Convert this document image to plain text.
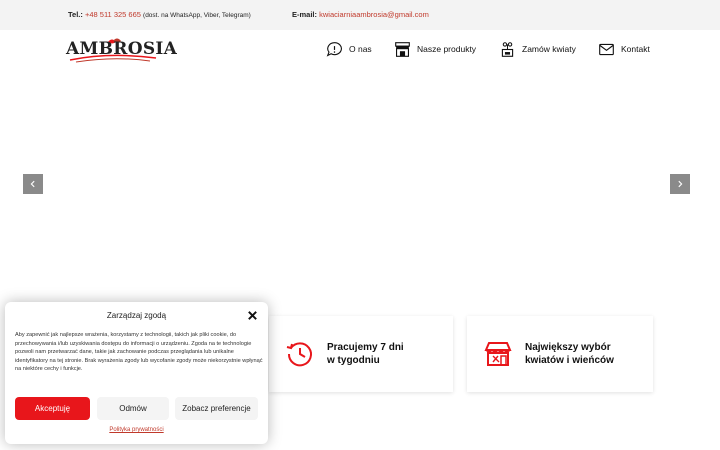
Tel.: +48 511 325 665 (dost. na WhatsApp, Viber, Telegram)	E-mail: kwiaciarniaambrosia@gmail.com
AMBROSIA	O nas	Nasze produkty	Zamów kwiaty	Kontakt
Pracujemy 7 dni
w tygodniu
Największy wybór
kwiatów i wieńców
Zarządzaj zgodą
Aby zapewnić jak najlepsze wrażenia, korzystamy z technologii, takich jak pliki cookie, do przechowywania i/lub uzyskiwania dostępu do informacji o urządzeniu. Zgoda na te technologie pozwoli nam przetwarzać dane, takie jak zachowanie podczas przeglądania lub unikalne identyfikatory na tej stronie. Brak wyrażenia zgody lub wycofanie zgody może niekorzystnie wpłynąć na niektóre cechy i funkcje.
Akceptuję	Odmów	Zobacz preferencje
Polityka prywatności
